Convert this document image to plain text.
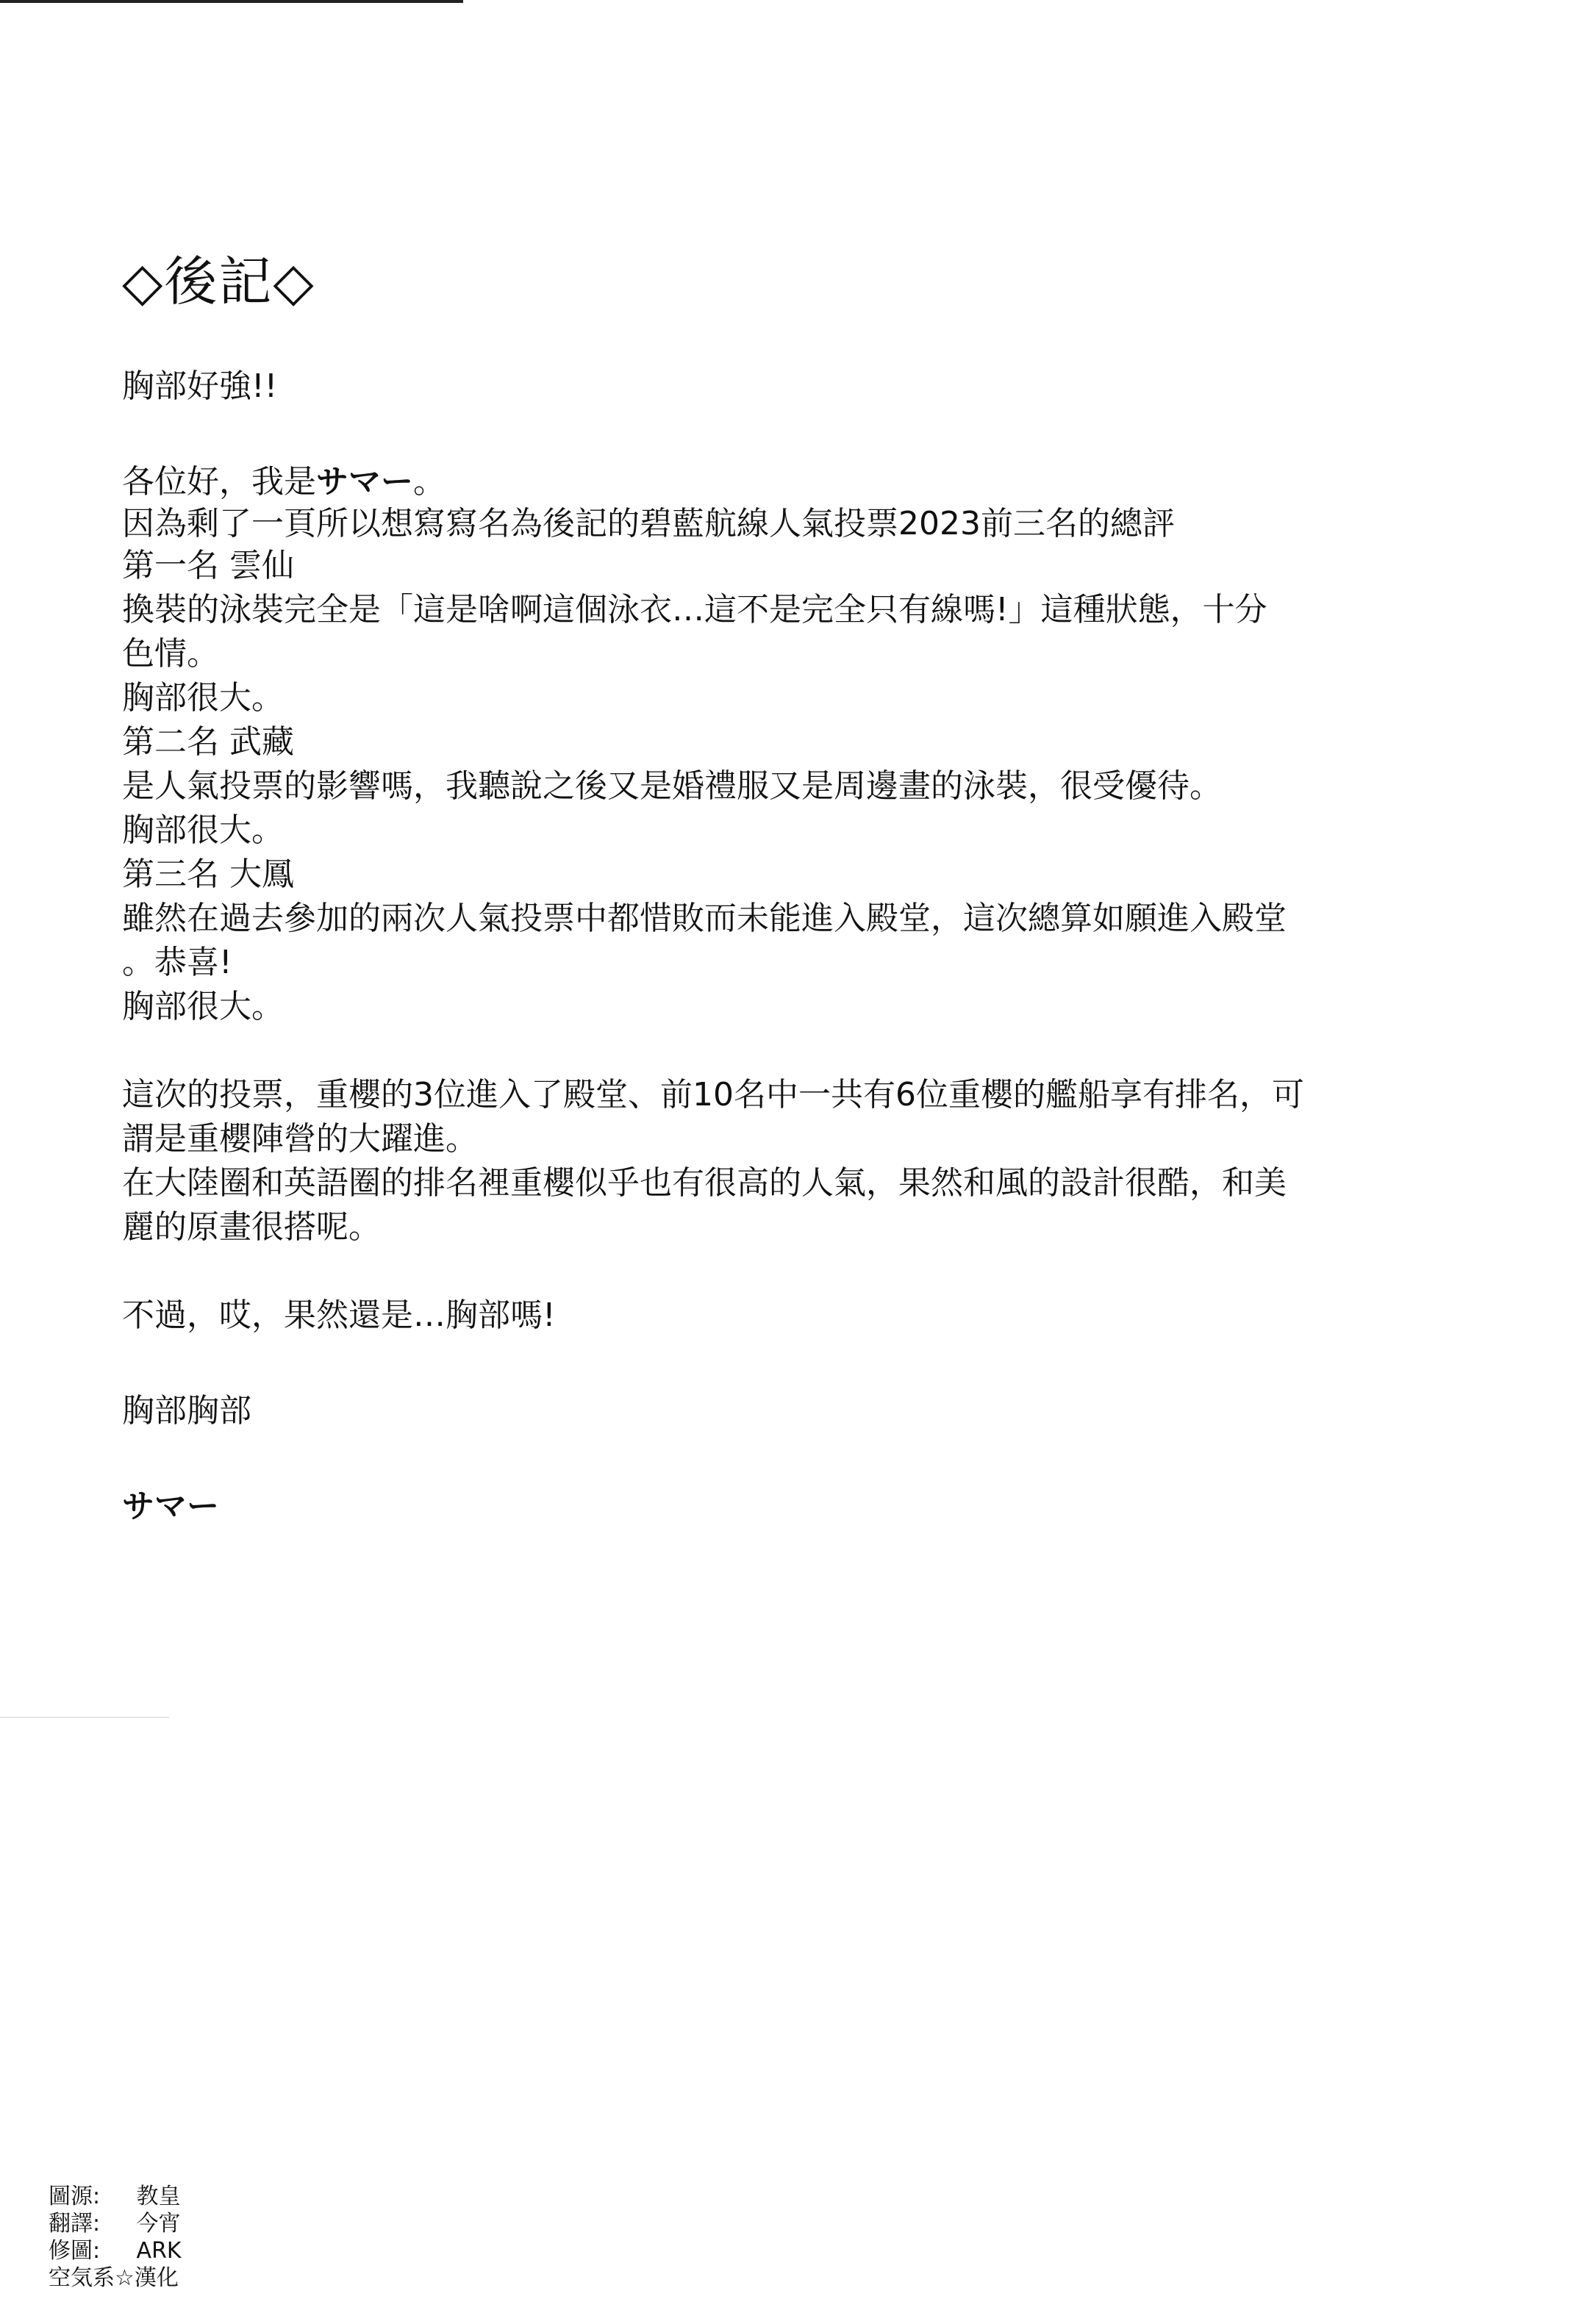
◇後記◇
胸部好強!!
各位好，我是サマー。
因為剩了一頁所以想寫寫名為後記的碧藍航線人氣投票2023前三名的總評
第一名 雲仙
換裝的泳裝完全是「這是啥啊這個泳衣…這不是完全只有線嗎!」這種狀態，十分
色情。
胸部很大。
第二名 武藏
是人氣投票的影響嗎，我聽說之後又是婚禮服又是周邊畫的泳裝，很受優待。
胸部很大。
第三名 大鳳
雖然在過去參加的兩次人氣投票中都惜敗而未能進入殿堂，這次總算如願進入殿堂
。恭喜!
胸部很大。
這次的投票，重櫻的3位進入了殿堂、前10名中一共有6位重櫻的艦船享有排名，可
謂是重櫻陣營的大躍進。
在大陸圈和英語圈的排名裡重櫻似乎也有很高的人氣，果然和風的設計很酷，和美
麗的原畫很搭呢。
不過，哎，果然還是…胸部嗎!
胸部胸部
サマー
圖源: 教皇
翻譯: 今宵
修圖: ARK
空気系☆漢化
